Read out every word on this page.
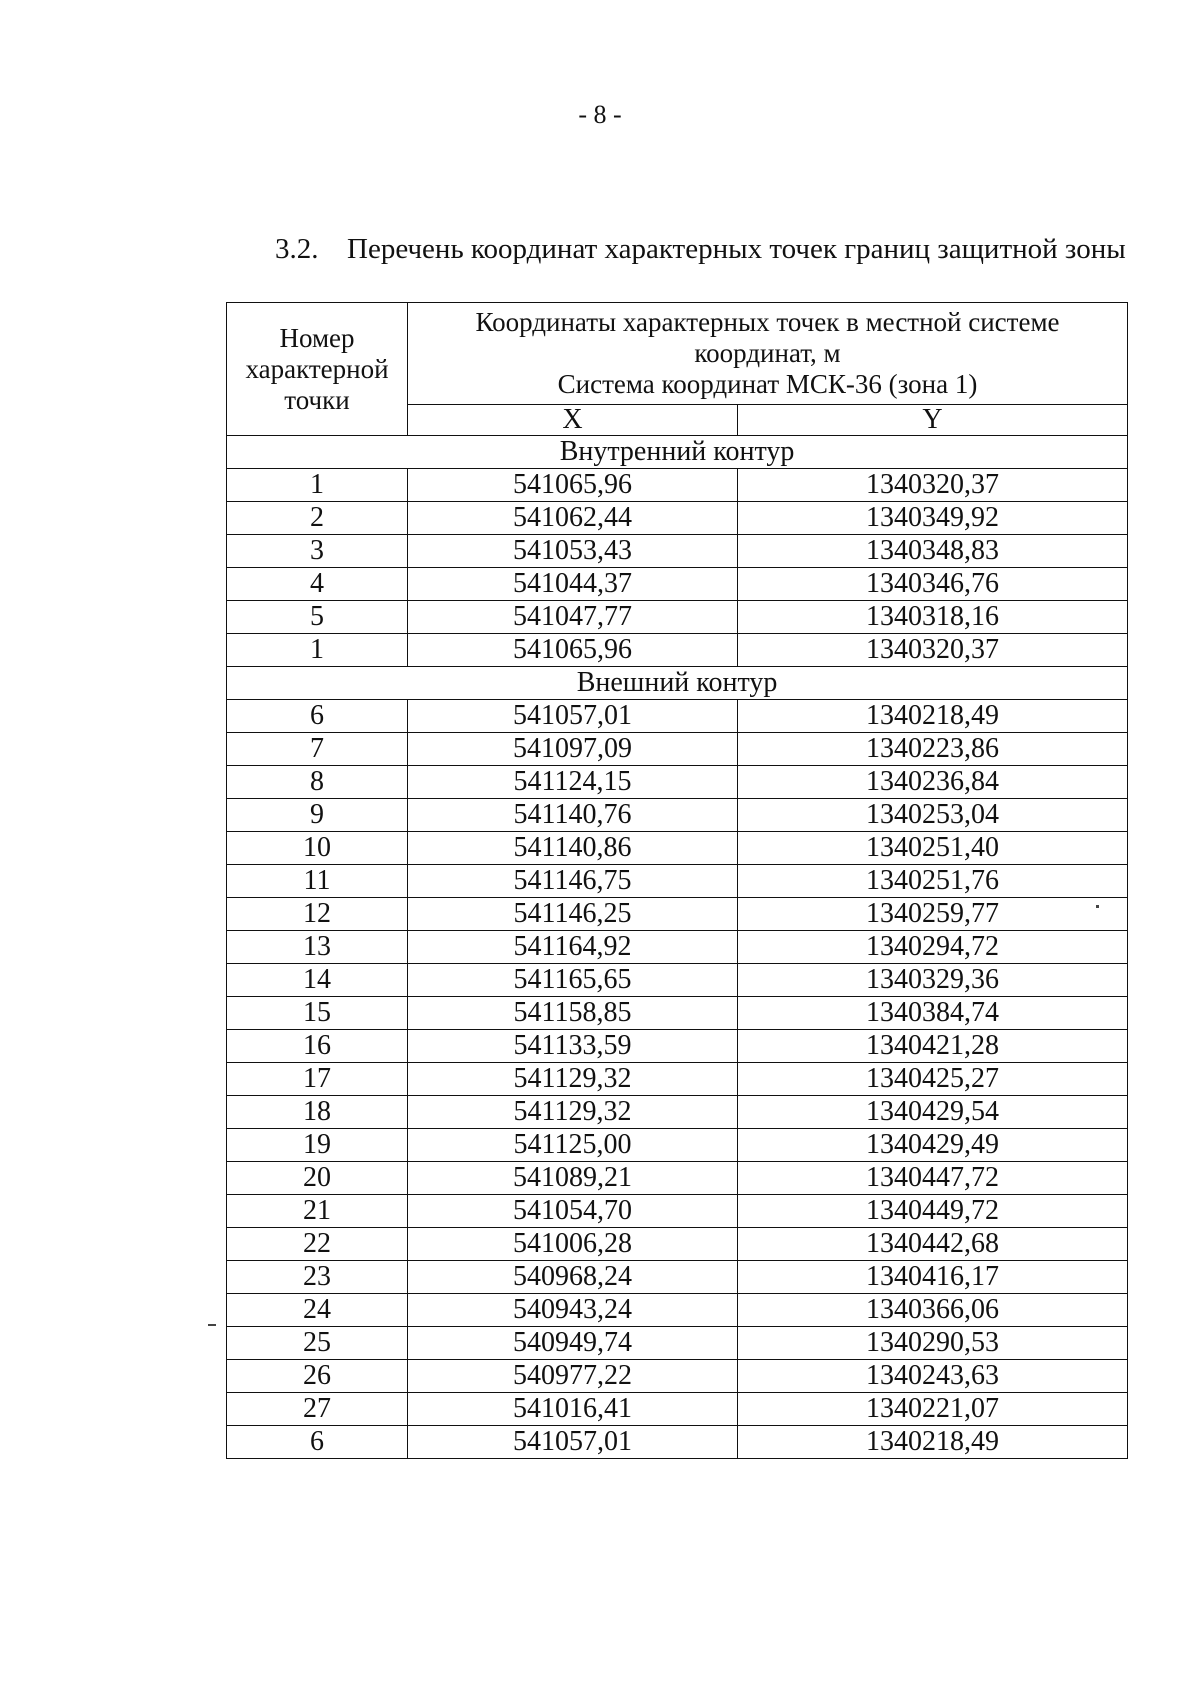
- 8 -
3.2. Перечень координат характерных точек границ защитной зоны
Номер
характерной
точки	Координаты характерных точек в местной системе
координат, м
Система координат МСК-36 (зона 1)	

	X	Y
Внутренний контур		
1	541065,96	1340320,37
2	541062,44	1340349,92
3	541053,43	1340348,83
4	541044,37	1340346,76
5	541047,77	1340318,16
1	541065,96	1340320,37
Внешний контур		
6	541057,01	1340218,49
7	541097,09	1340223,86
8	541124,15	1340236,84
9	541140,76	1340253,04
10	541140,86	1340251,40
11	541146,75	1340251,76
12	541146,25	1340259,77
13	541164,92	1340294,72
14	541165,65	1340329,36
15	541158,85	1340384,74
16	541133,59	1340421,28
17	541129,32	1340425,27
18	541129,32	1340429,54
19	541125,00	1340429,49
20	541089,21	1340447,72
21	541054,70	1340449,72
22	541006,28	1340442,68
23	540968,24	1340416,17
24	540943,24	1340366,06
25	540949,74	1340290,53
26	540977,22	1340243,63
27	541016,41	1340221,07
6	541057,01	1340218,49
